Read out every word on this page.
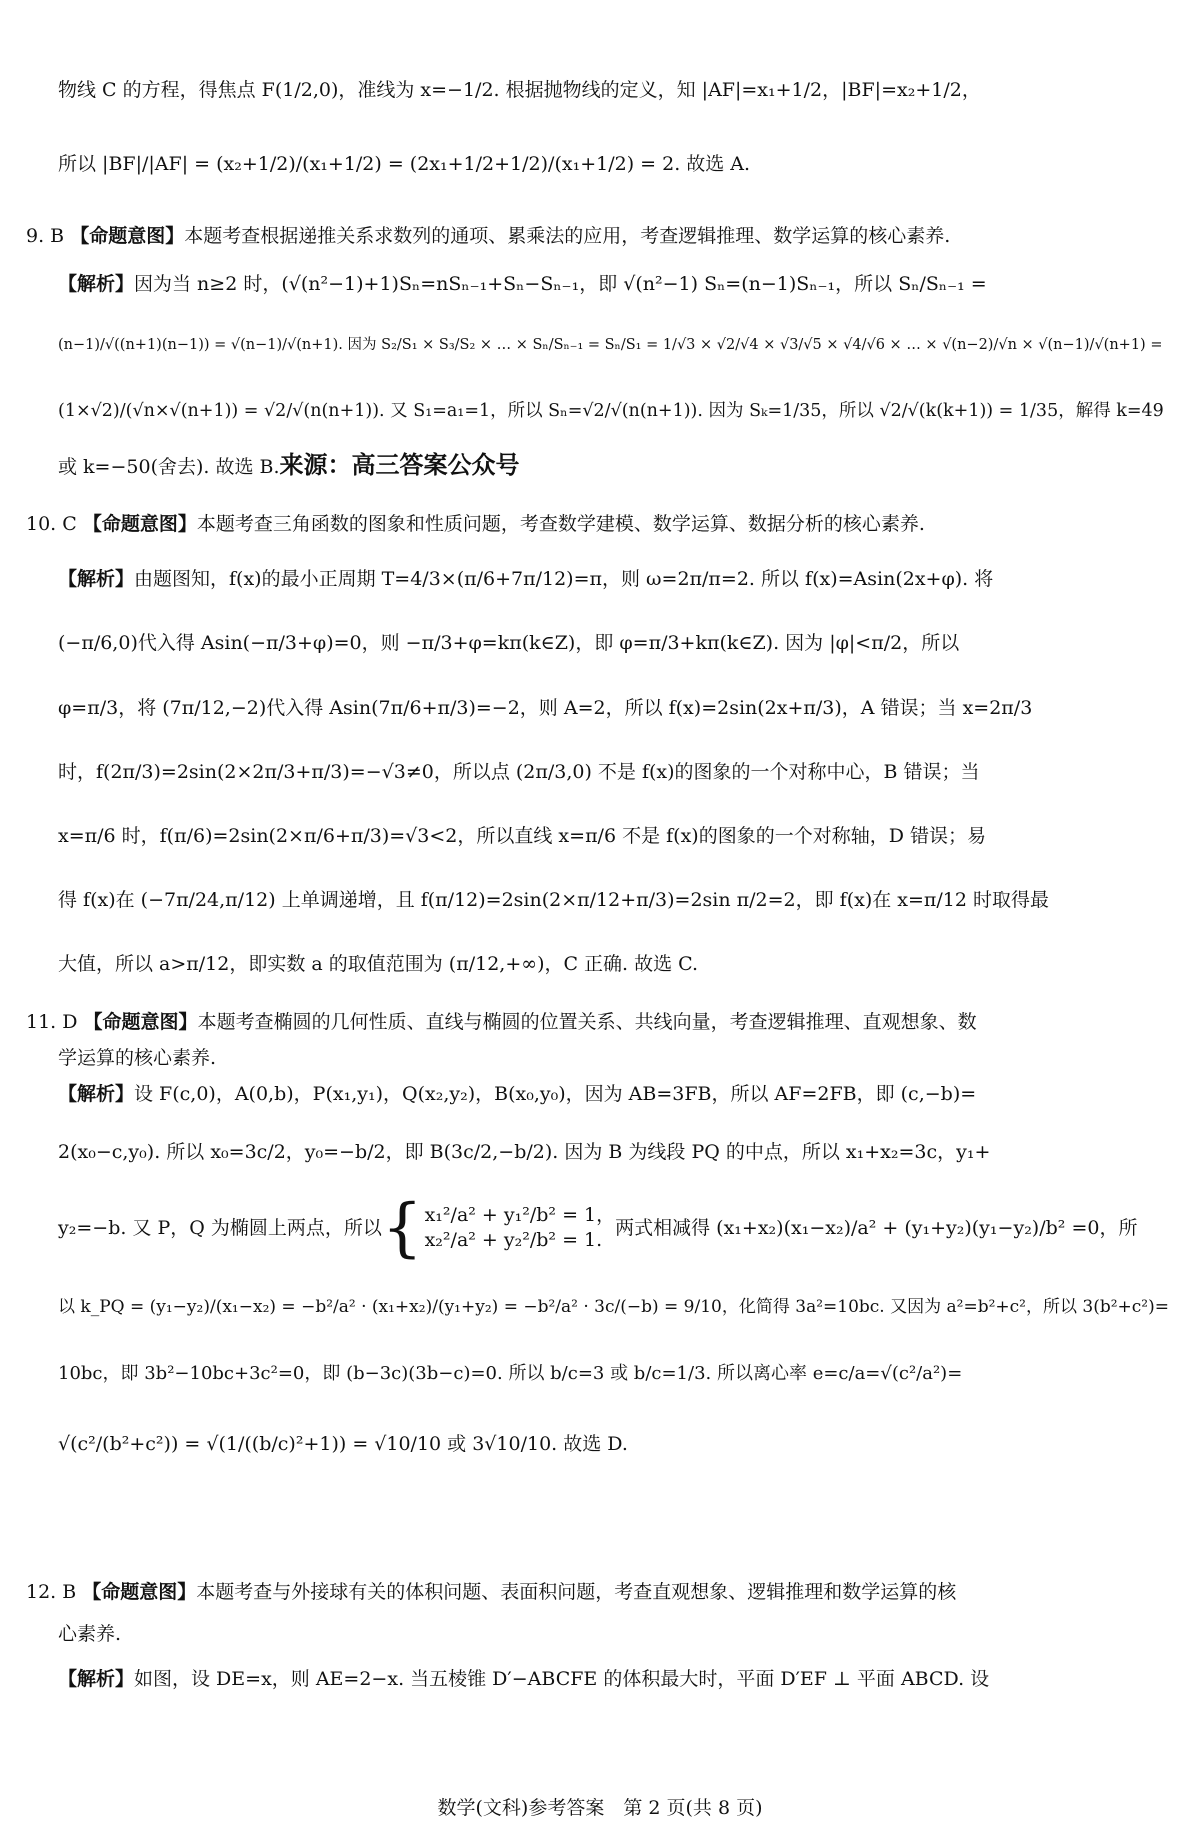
物线 C 的方程，得焦点 F(1/2,0)，准线为 x=−1/2. 根据抛物线的定义，知 |AF|=x₁+1/2，|BF|=x₂+1/2，
所以 |BF|/|AF| = (x₂+1/2)/(x₁+1/2) = (2x₁+1/2+1/2)/(x₁+1/2) = 2. 故选 A.
9. B 【命题意图】本题考查根据递推关系求数列的通项、累乘法的应用，考查逻辑推理、数学运算的核心素养.
【解析】因为当 n≥2 时，(√(n²−1)+1)Sₙ=nSₙ₋₁+Sₙ−Sₙ₋₁，即 √(n²−1) Sₙ=(n−1)Sₙ₋₁，所以 Sₙ/Sₙ₋₁ =
(n−1)/√((n+1)(n−1)) = √(n−1)/√(n+1). 因为 S₂/S₁ × S₃/S₂ × … × Sₙ/Sₙ₋₁ = Sₙ/S₁ = 1/√3 × √2/√4 × √3/√5 × √4/√6 × … × √(n−2)/√n × √(n−1)/√(n+1) =
(1×√2)/(√n×√(n+1)) = √2/√(n(n+1)). 又 S₁=a₁=1，所以 Sₙ=√2/√(n(n+1)). 因为 Sₖ=1/35，所以 √2/√(k(k+1)) = 1/35，解得 k=49
或 k=−50(舍去). 故选 B.来源：高三答案公众号
10. C 【命题意图】本题考查三角函数的图象和性质问题，考查数学建模、数学运算、数据分析的核心素养.
【解析】由题图知，f(x)的最小正周期 T=4/3×(π/6+7π/12)=π，则 ω=2π/π=2. 所以 f(x)=Asin(2x+φ). 将
(−π/6,0)代入得 Asin(−π/3+φ)=0，则 −π/3+φ=kπ(k∈Z)，即 φ=π/3+kπ(k∈Z). 因为 |φ|<π/2，所以
φ=π/3，将 (7π/12,−2)代入得 Asin(7π/6+π/3)=−2，则 A=2，所以 f(x)=2sin(2x+π/3)，A 错误；当 x=2π/3
时，f(2π/3)=2sin(2×2π/3+π/3)=−√3≠0，所以点 (2π/3,0) 不是 f(x)的图象的一个对称中心，B 错误；当
x=π/6 时，f(π/6)=2sin(2×π/6+π/3)=√3<2，所以直线 x=π/6 不是 f(x)的图象的一个对称轴，D 错误；易
得 f(x)在 (−7π/24,π/12) 上单调递增，且 f(π/12)=2sin(2×π/12+π/3)=2sin π/2=2，即 f(x)在 x=π/12 时取得最
大值，所以 a>π/12，即实数 a 的取值范围为 (π/12,+∞)，C 正确. 故选 C.
11. D 【命题意图】本题考查椭圆的几何性质、直线与椭圆的位置关系、共线向量，考查逻辑推理、直观想象、数
学运算的核心素养.
【解析】设 F(c,0)，A(0,b)，P(x₁,y₁)，Q(x₂,y₂)，B(x₀,y₀)，因为 AB=3FB，所以 AF=2FB，即 (c,−b)=
2(x₀−c,y₀). 所以 x₀=3c/2，y₀=−b/2，即 B(3c/2,−b/2). 因为 B 为线段 PQ 的中点，所以 x₁+x₂=3c，y₁+
y₂=−b. 又 P，Q 为椭圆上两点，所以 { x₁²/a² + y₁²/b² = 1，
x₂²/a² + y₂²/b² = 1.
两式相减得 (x₁+x₂)(x₁−x₂)/a² + (y₁+y₂)(y₁−y₂)/b² =0，所
以 k_PQ = (y₁−y₂)/(x₁−x₂) = −b²/a² · (x₁+x₂)/(y₁+y₂) = −b²/a² · 3c/(−b) = 9/10，化简得 3a²=10bc. 又因为 a²=b²+c²，所以 3(b²+c²)=
10bc，即 3b²−10bc+3c²=0，即 (b−3c)(3b−c)=0. 所以 b/c=3 或 b/c=1/3. 所以离心率 e=c/a=√(c²/a²)=
√(c²/(b²+c²)) = √(1/((b/c)²+1)) = √10/10 或 3√10/10. 故选 D.
12. B 【命题意图】本题考查与外接球有关的体积问题、表面积问题，考查直观想象、逻辑推理和数学运算的核
心素养.
【解析】如图，设 DE=x，则 AE=2−x. 当五棱锥 D′−ABCFE 的体积最大时，平面 D′EF ⊥ 平面 ABCD. 设
数学(文科)参考答案　第 2 页(共 8 页)
